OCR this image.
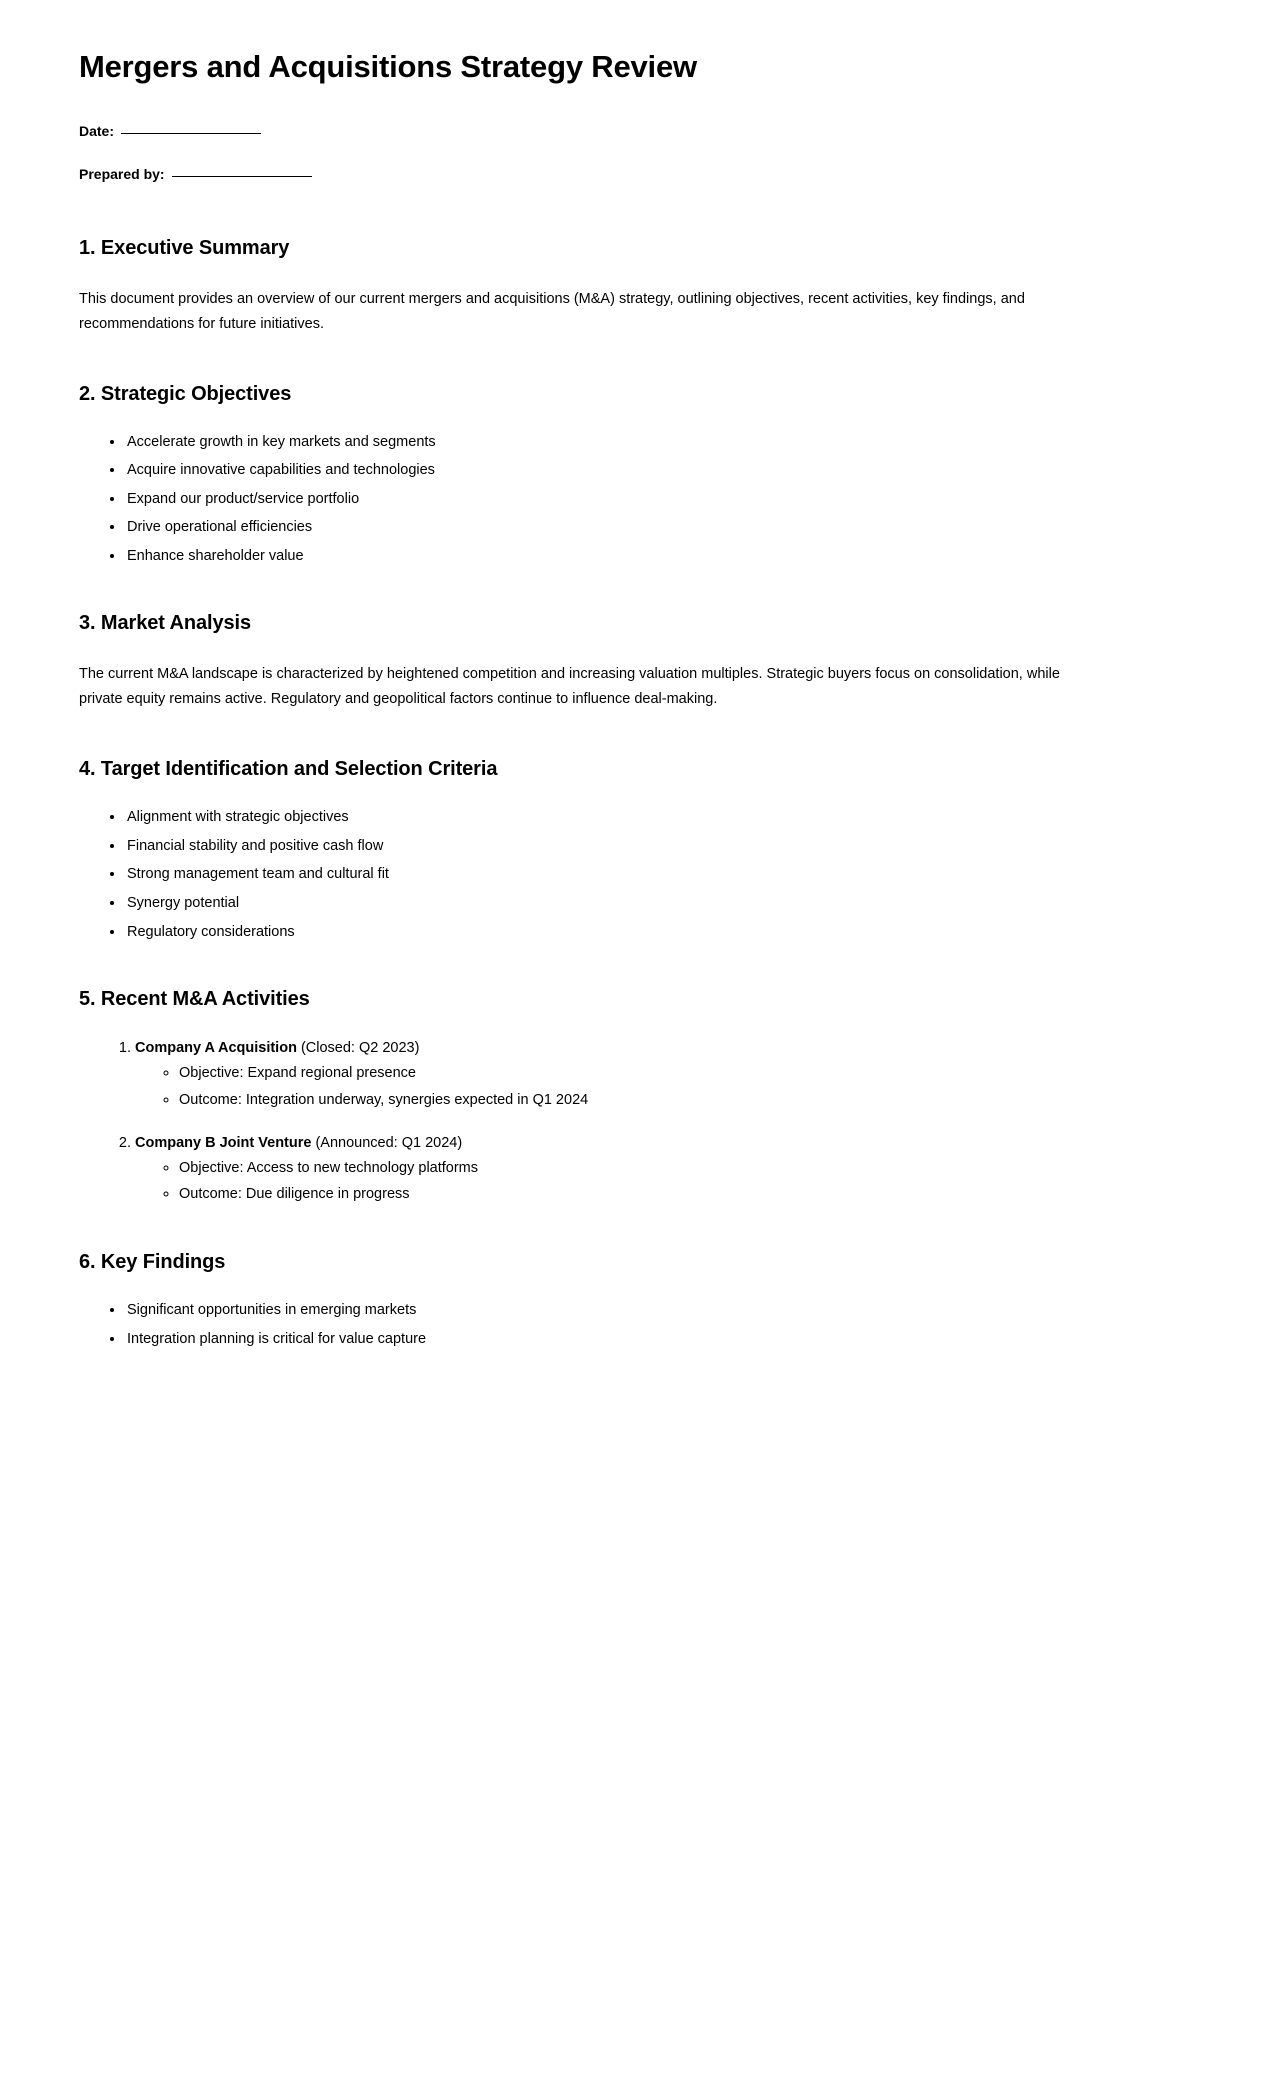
Mergers and Acquisitions Strategy Review

Date:

Prepared by:

1. Executive Summary

This document provides an overview of our current mergers and acquisitions (M&A) strategy, outlining objectives, recent activities, key findings, and recommendations for future initiatives.

2. Strategic Objectives
• Accelerate growth in key markets and segments
• Acquire innovative capabilities and technologies
• Expand our product/service portfolio
• Drive operational efficiencies
• Enhance shareholder value
3. Market Analysis

The current M&A landscape is characterized by heightened competition and increasing valuation multiples. Strategic buyers focus on consolidation, while private equity remains active. Regulatory and geopolitical factors continue to influence deal-making.

4. Target Identification and Selection Criteria
• Alignment with strategic objectives
• Financial stability and positive cash flow
• Strong management team and cultural fit
• Synergy potential
• Regulatory considerations
5. Recent M&A Activities
1. Company A Acquisition (Closed: Q2 2023)
◦ Objective: Expand regional presence
◦ Outcome: Integration underway, synergies expected in Q1 2024
2. Company B Joint Venture (Announced: Q1 2024)
◦ Objective: Access to new technology platforms
◦ Outcome: Due diligence in progress
6. Key Findings
• Significant opportunities in emerging markets
• Integration planning is critical for value capture
